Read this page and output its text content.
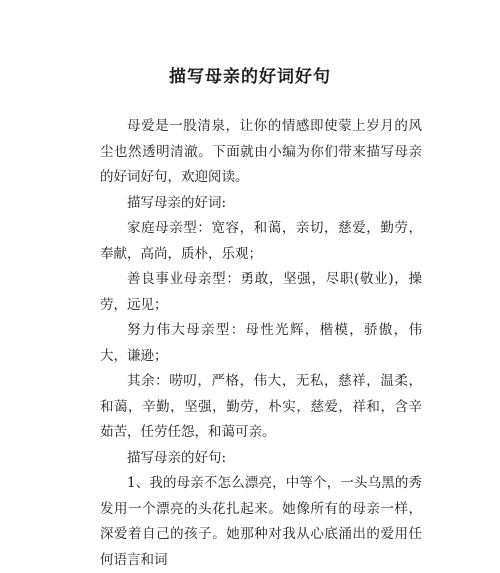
描写母亲的好词好句

母爱是一股清泉，让你的情感即使蒙上岁月的风尘也然透明清澈。下面就由小编为你们带来描写母亲的好词好句，欢迎阅读。

描写母亲的好词:

家庭母亲型：宽容，和蔼，亲切，慈爱，勤劳，奉献，高尚，质朴，乐观；

善良事业母亲型：勇敢，坚强，尽职(敬业)，操劳，远见；

努力伟大母亲型：母性光辉，楷模，骄傲，伟大，谦逊；

其余：唠叨，严格，伟大，无私，慈祥，温柔，和蔼，辛勤，坚强，勤劳，朴实，慈爱，祥和，含辛茹苦，任劳任怨，和蔼可亲。

描写母亲的好句:

1、我的母亲不怎么漂亮，中等个，一头乌黑的秀发用一个漂亮的头花扎起来。她像所有的母亲一样，深爱着自己的孩子。她那种对我从心底涌出的爱用任何语言和词
